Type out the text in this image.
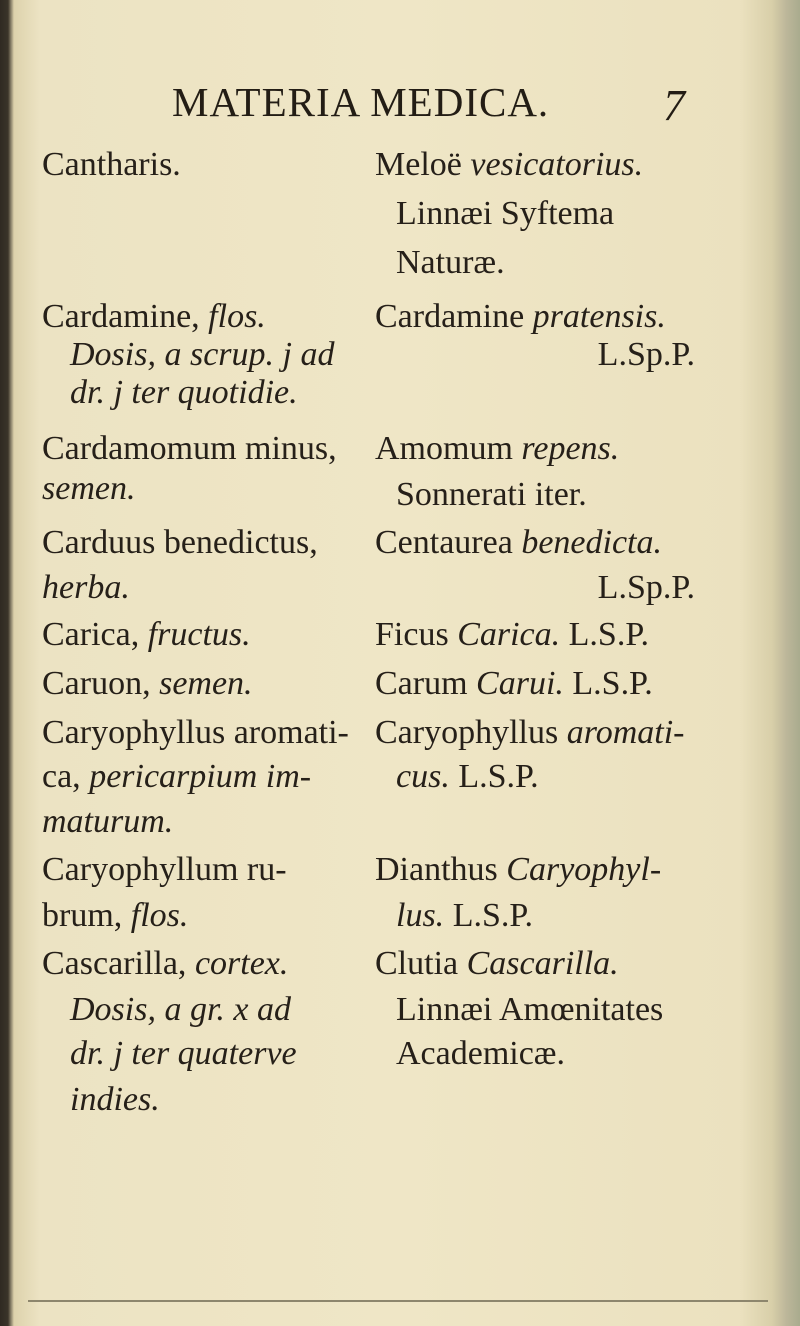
MATERIA MEDICA.	7
Cantharis.
Cardamine, flos.
Dosis, a scrup. j ad
dr. j ter quotidie.
Cardamomum minus,
semen.
Carduus benedictus,
herba.
Carica, fructus.
Caruon, semen.
Caryophyllus aromati-
ca, pericarpium im-
maturum.
Caryophyllum ru-
brum, flos.
Cascarilla, cortex.
Dosis, a gr. x ad
dr. j ter quaterve
indies.
Meloë vesicatorius.
Linnæi Syftema
Naturæ.
Cardamine pratensis.
L.Sp.P.
Amomum repens.
Sonnerati iter.
Centaurea benedicta.
L.Sp.P.
Ficus Carica. L.S.P.
Carum Carui. L.S.P.
Caryophyllus aromati-
cus. L.S.P.
Dianthus Caryophyl-
lus. L.S.P.
Clutia Cascarilla.
Linnæi Amœnitates
Academicæ.
